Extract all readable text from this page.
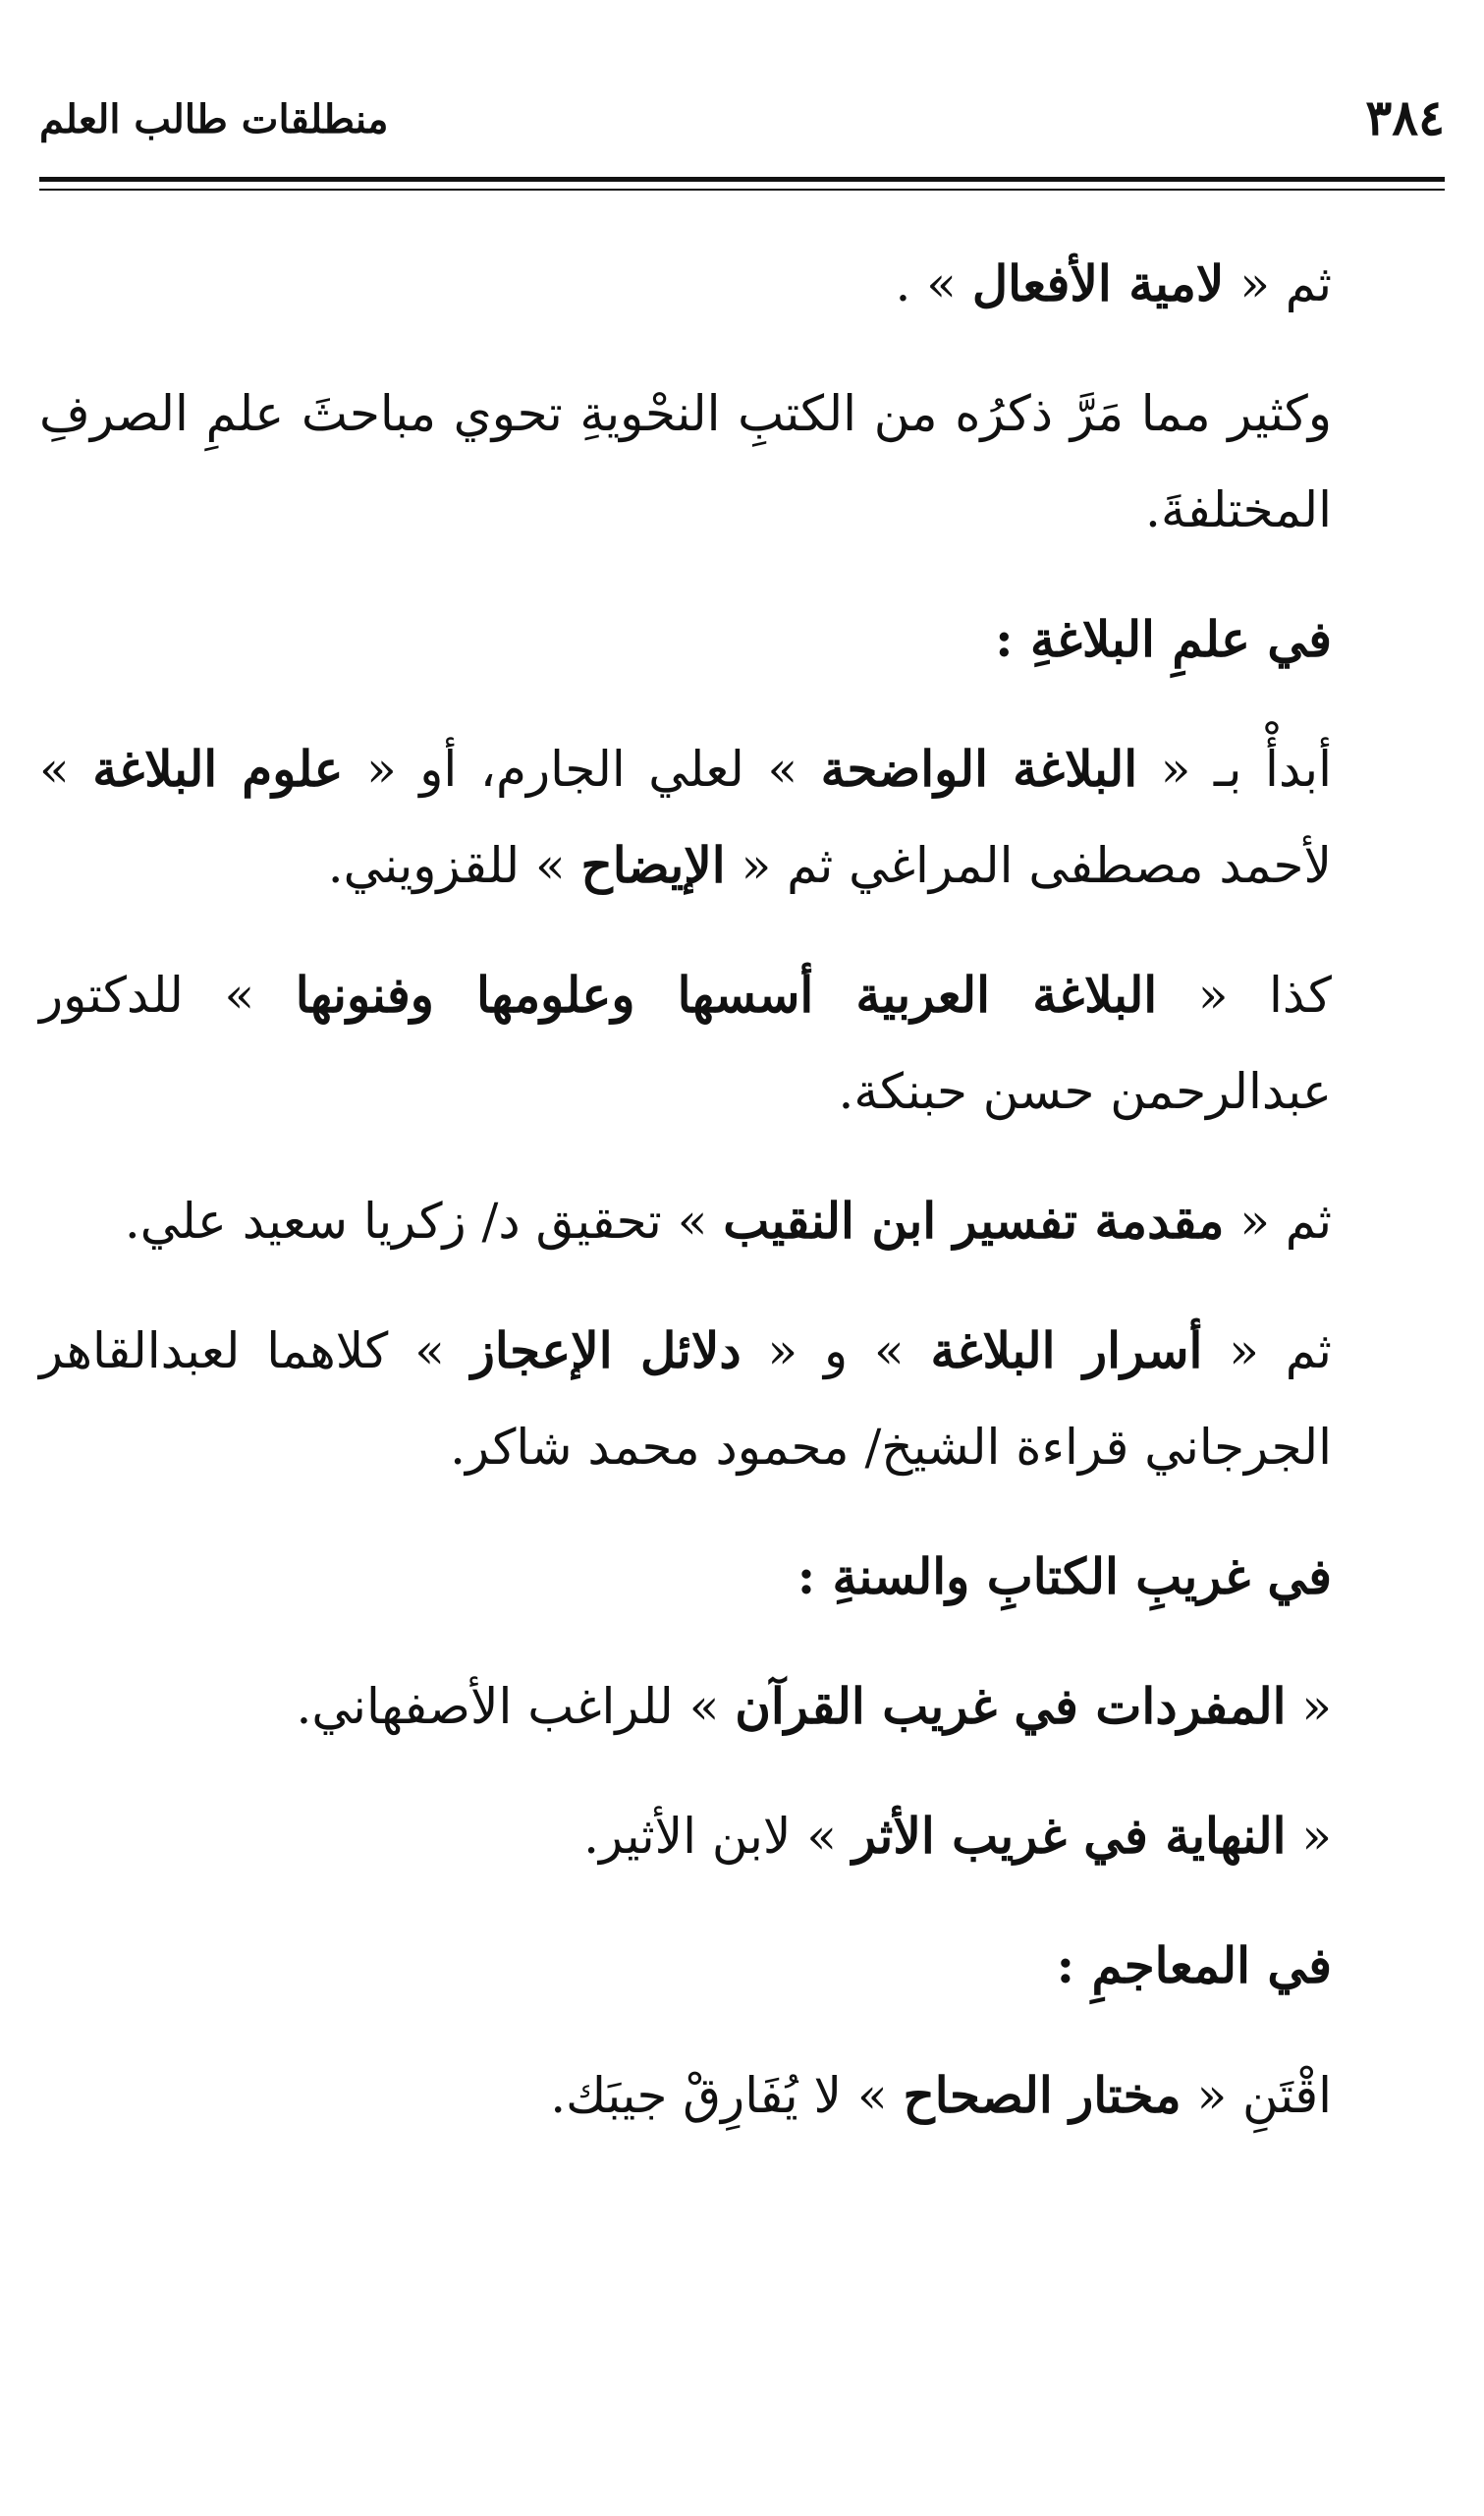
٣٨٤
منطلقات طالب العلم

ثم « لامية الأفعال » .

وكثير مما مَرَّ ذكرُه من الكتبِ النحْويةِ تحوي مباحثَ علمِ الصرفِ المختلفةَ.

في علمِ البلاغةِ :

أبدأْ بـ « البلاغة الواضحة » لعلي الجارم، أو « علوم البلاغة » لأحمد مصطفى المراغي ثم « الإيضاح » للقزويني.

كذا « البلاغة العربية أسسها وعلومها وفنونها » للدكتور عبدالرحمن حسن حبنكة.

ثم « مقدمة تفسير ابن النقيب » تحقيق د/ زكريا سعيد علي.

ثم « أسرار البلاغة » و « دلائل الإعجاز » كلاهما لعبدالقاهر الجرجاني قراءة الشيخ/ محمود محمد شاكر.

في غريبِ الكتابِ والسنةِ :

« المفردات في غريب القرآن » للراغب الأصفهاني.

« النهاية في غريب الأثر » لابن الأثير.

في المعاجمِ :

اقْتَنِ « مختار الصحاح » لا يُفَارِقْ جيبَك.
